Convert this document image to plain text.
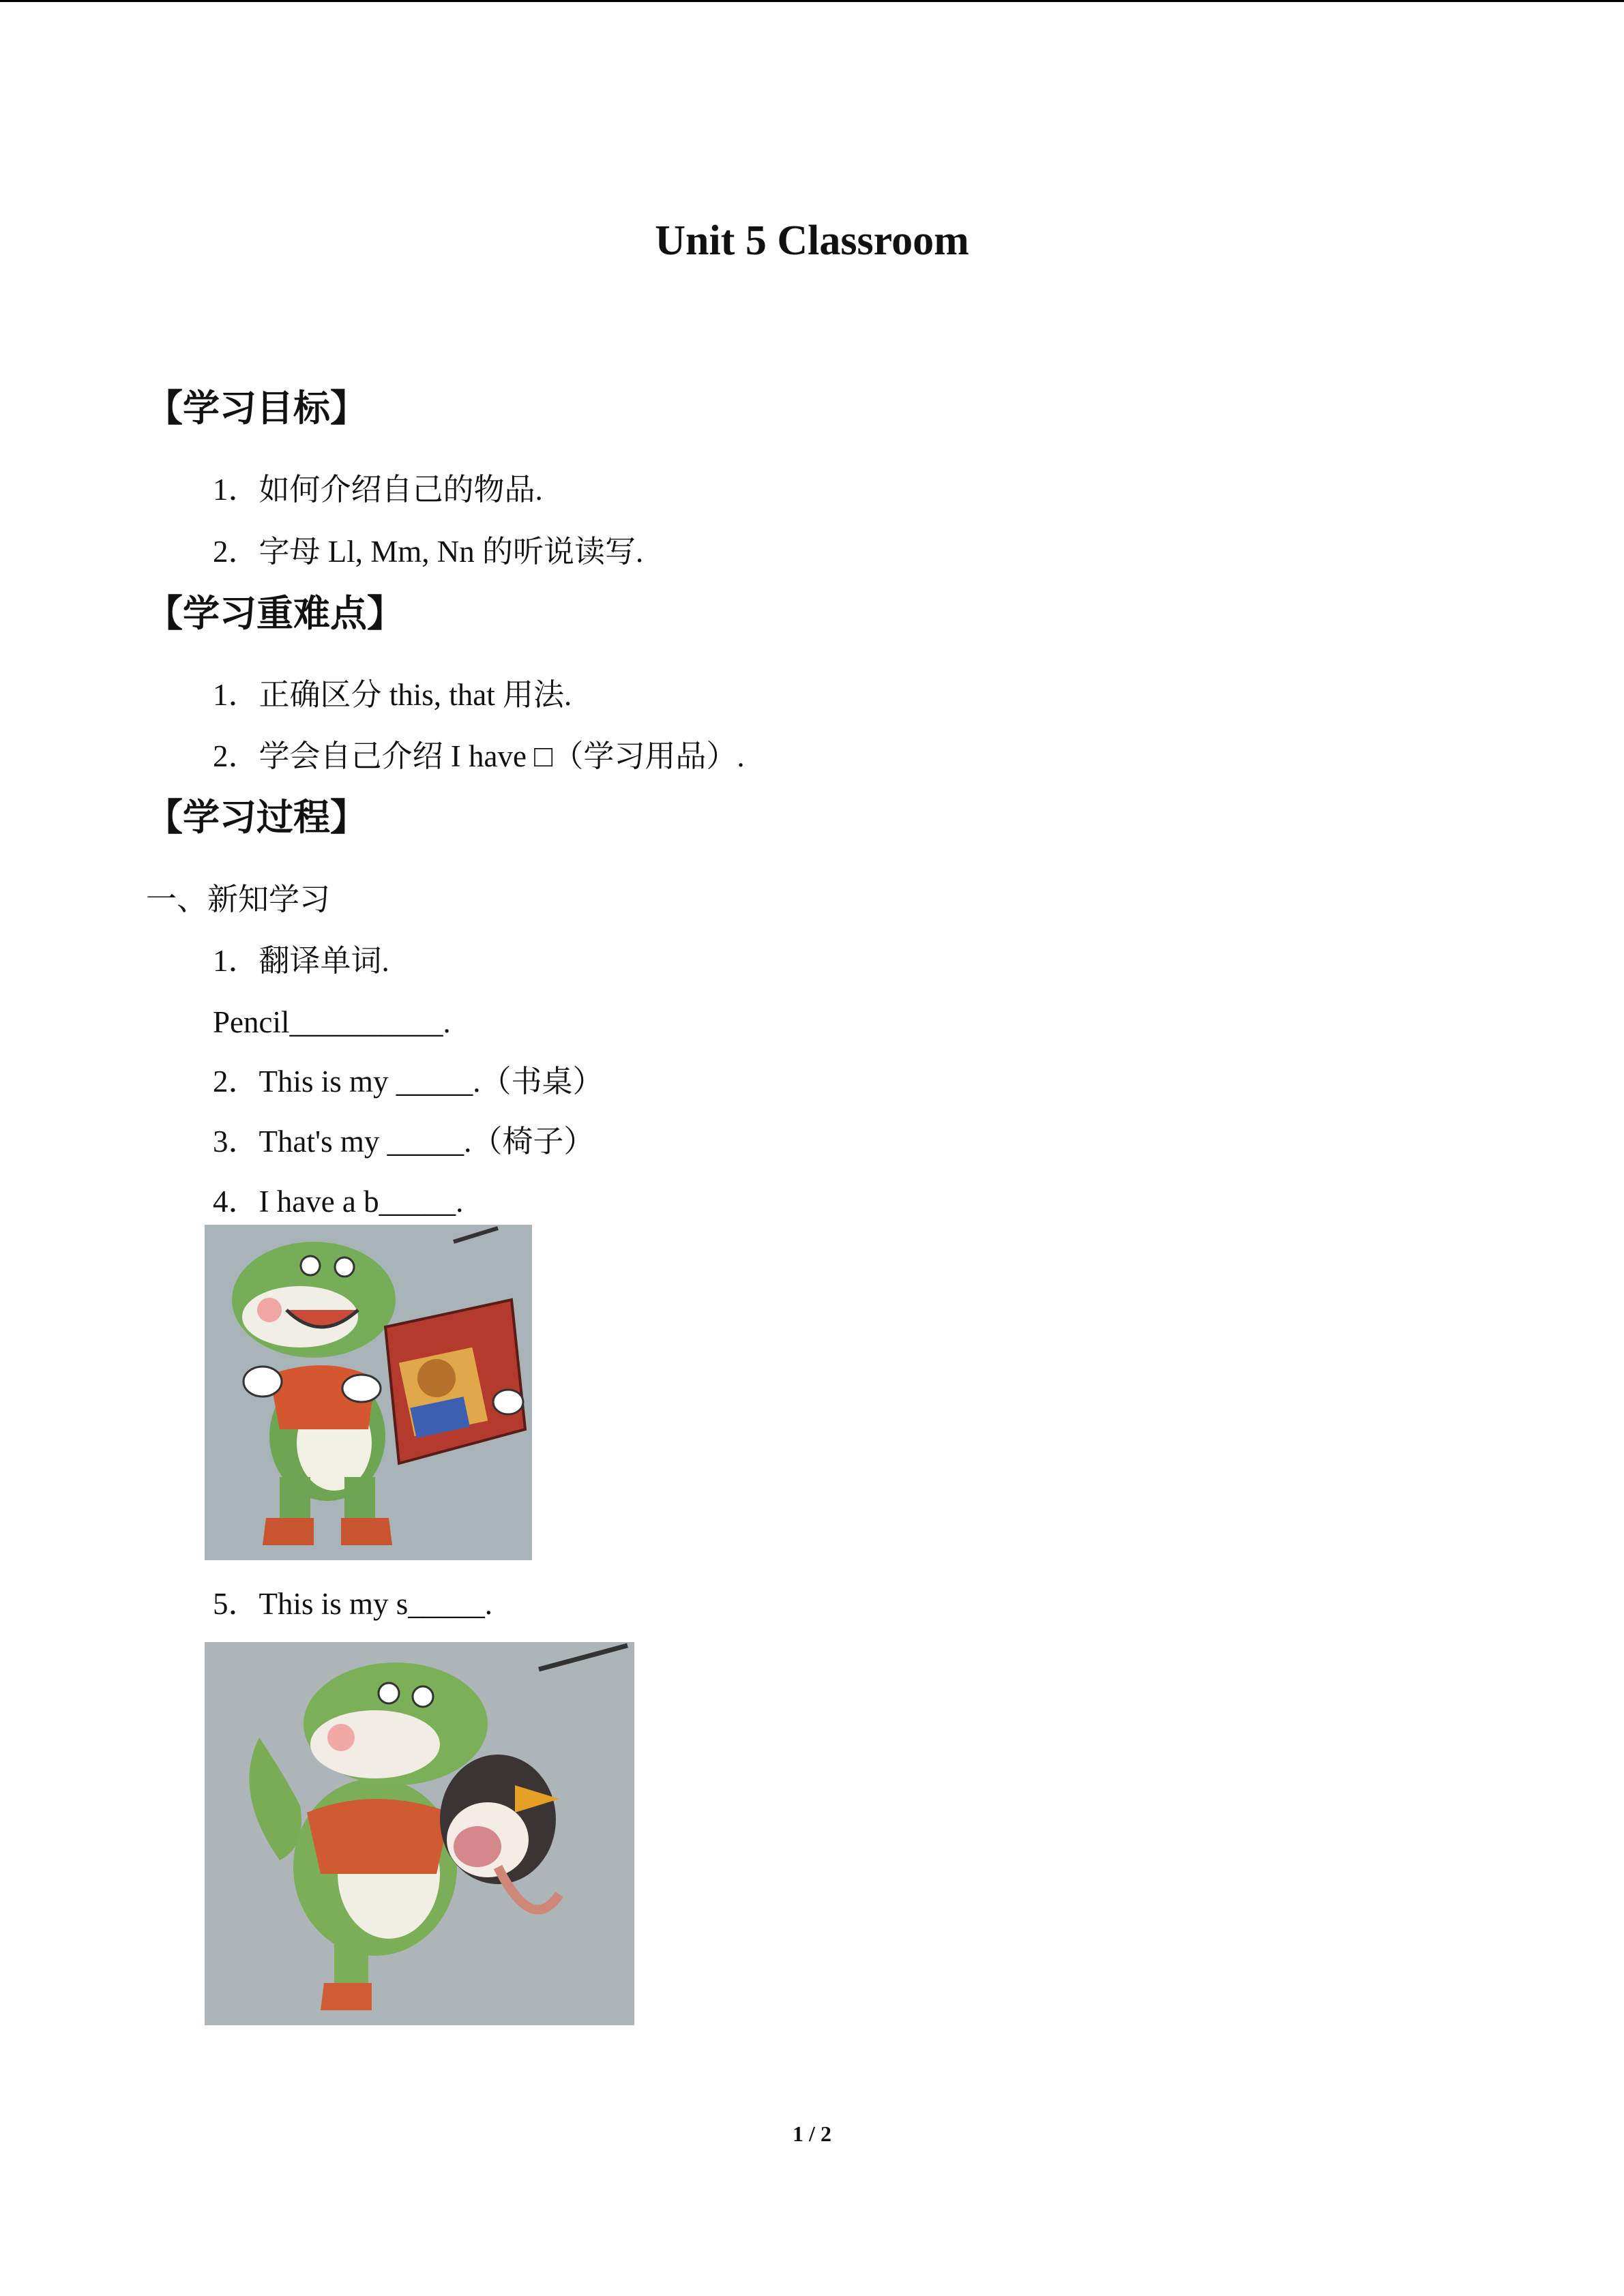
Unit 5 Classroom
【学习目标】
1．如何介绍自己的物品.
2．字母 Ll, Mm, Nn 的听说读写.
【学习重难点】
1．正确区分 this, that 用法.
2．学会自己介绍 I have □（学习用品）.
【学习过程】
一、新知学习
1．翻译单词.
Pencil__________.
2．This is my _____.（书桌）
3．That's my _____.（椅子）
4．I have a b_____.
5．This is my s_____.
1 / 2
